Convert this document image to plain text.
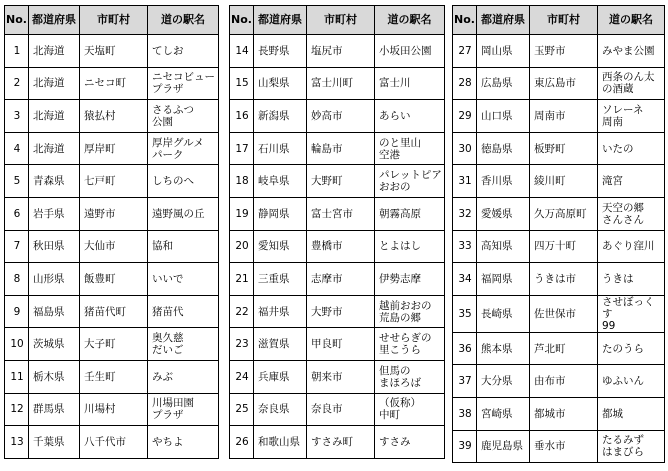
No.	都道府県	市町村	道の駅名
1	北海道	天塩町	てしお
2	北海道	ニセコ町	ニセコビュー
プラザ
3	北海道	猿払村	さるふつ
公園
4	北海道	厚岸町	厚岸グルメ
パーク
5	青森県	七戸町	しちのへ
6	岩手県	遠野市	遠野風の丘
7	秋田県	大仙市	協和
8	山形県	飯豊町	いいで
9	福島県	猪苗代町	猪苗代
10	茨城県	大子町	奥久慈
だいご
11	栃木県	壬生町	みぶ
12	群馬県	川場村	川場田園
プラザ
13	千葉県	八千代市	やちよ
No.	都道府県	市町村	道の駅名
14	長野県	塩尻市	小坂田公園
15	山梨県	富士川町	富士川
16	新潟県	妙高市	あらい
17	石川県	輪島市	のと里山
空港
18	岐阜県	大野町	パレットピア
おおの
19	静岡県	富士宮市	朝霧高原
20	愛知県	豊橋市	とよはし
21	三重県	志摩市	伊勢志摩
22	福井県	大野市	越前おおの
荒島の郷
23	滋賀県	甲良町	せせらぎの
里こうら
24	兵庫県	朝来市	但馬の
まほろば
25	奈良県	奈良市	（仮称）
中町
26	和歌山県	すさみ町	すさみ
No.	都道府県	市町村	道の駅名
27	岡山県	玉野市	みやま公園
28	広島県	東広島市	西条のん太
の酒蔵
29	山口県	周南市	ソレーネ
周南
30	徳島県	板野町	いたの
31	香川県	綾川町	滝宮
32	愛媛県	久万高原町	天空の郷
さんさん
33	高知県	四万十町	あぐり窪川
34	福岡県	うきは市	うきは
35	長崎県	佐世保市	させぼっくす
99
36	熊本県	芦北町	たのうら
37	大分県	由布市	ゆふいん
38	宮崎県	都城市	都城
39	鹿児島県	垂水市	たるみず
はまびら
